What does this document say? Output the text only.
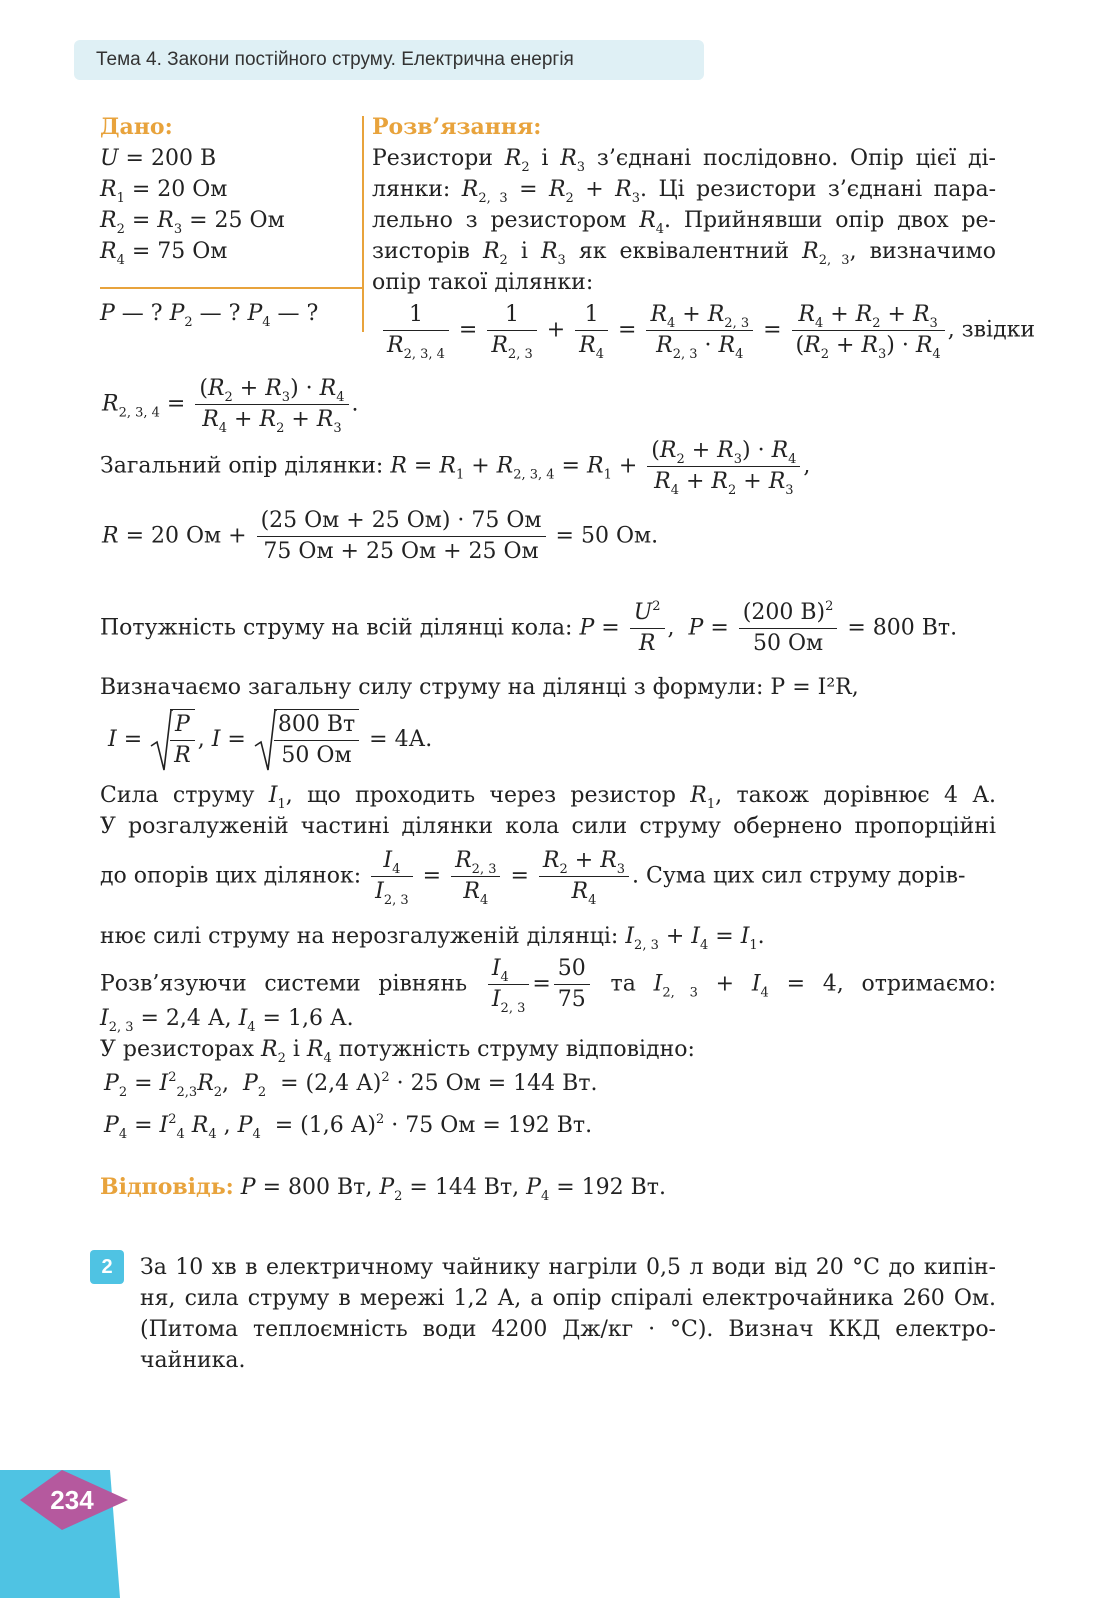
Тема 4. Закони постійного струму. Електрична енергія
Дано:
U = 200 В
$R_1 = 20$ Ом
$R_2 = R_3 = 25$ Ом
$R_4 = 75$ Ом
P — ? $P_2$ — ? $P_4$ — ?
Розв’язання:
Резистори $R_2$ і $R_3$ з’єднані послідовно. Опір цієї ді-
лянки: $R_{2, 3} = R_2 + R_3$. Ці резистори з’єднані пара-
лельно з резистором $R_4$. Прийнявши опір двох ре-
зисторів $R_2$ і $R_3$ як еквівалентний $R_{2, 3}$, визначимо
опір такої ділянки:
$\frac{1}{R_{2, 3, 4}} = \frac{1}{R_{2, 3}} + \frac{1}{R_4} = \frac{R_4 + R_{2, 3}}{R_{2, 3} \cdot R_4} = \frac{R_4 + R_2 + R_3}{(R_2 + R_3) \cdot R_4}$ , звідки
$R_{2, 3, 4} = \frac{(R_2 + R_3) \cdot R_4}{R_4 + R_2 + R_3}$ .
Загальний опір ділянки: $R = R_1 + R_{2, 3, 4} = R_1 + \frac{(R_2 + R_3) \cdot R_4}{R_4 + R_2 + R_3}$ ,
R = 20 Ом + $\frac{(25 Ом + 25 Ом) \cdot 75 Ом}{75 Ом + 25 Ом + 25 Ом} = 50$ Ом.
Потужність струму на всій ділянці кола: $P = \frac{U^2}{R}$ ,  $P = \frac{(200 В)^2}{50 Ом} = 800$ Вт.
Визначаємо загальну силу струму на ділянці з формули: P = I²R,
$I = \frac{P}{R}$ , $I = \frac{800 Вт}{50 Ом} = 4А$.
Сила струму $I_1$, що проходить через резистор $R_1$, також дорівнює 4 А.
У розгалуженій частині ділянки кола сили струму обернено пропорційні
до опорів цих ділянок: $\frac{I_4}{I_{2, 3}} = \frac{R_{2, 3}}{R_4} = \frac{R_2 + R_3}{R_4}$ . Сума цих сил струму дорів-
нює силі струму на нерозгалуженій ділянці: $I_{2, 3} + I_4 = I_1$.
Розв’язуючи системи рівнянь $\frac{I_4}{I_{2, 3}} = \frac{50}{75}$ та $I_{2, 3} + I_4 = 4$, отримаємо:
$I_{2, 3} = 2,4$ А, $I_4 = 1,6$ А.
У резисторах $R_2$ і $R_4$ потужність струму відповідно:
$P_2 = I^2_{2,3}R_2$,  $P_2 = (2,4$ А)$^2$ · 25 Ом = 144 Вт.
$P_4 = I^2_4$ $R_4$ , $P_4 = (1,6$ А)$^2$ · 75 Ом = 192 Вт.
Відповідь: P = 800 Вт, $P_2 = 144$ Вт, $P_4 = 192$ Вт.
2	За 10 хв в електричному чайнику нагріли 0,5 л води від 20 °С до кипін-
ня, сила струму в мережі 1,2 А, а опір спіралі електрочайника 260 Ом.
(Питома теплоємність води 4200 Дж/кг · °С). Визнач ККД електро-
чайника.
234
